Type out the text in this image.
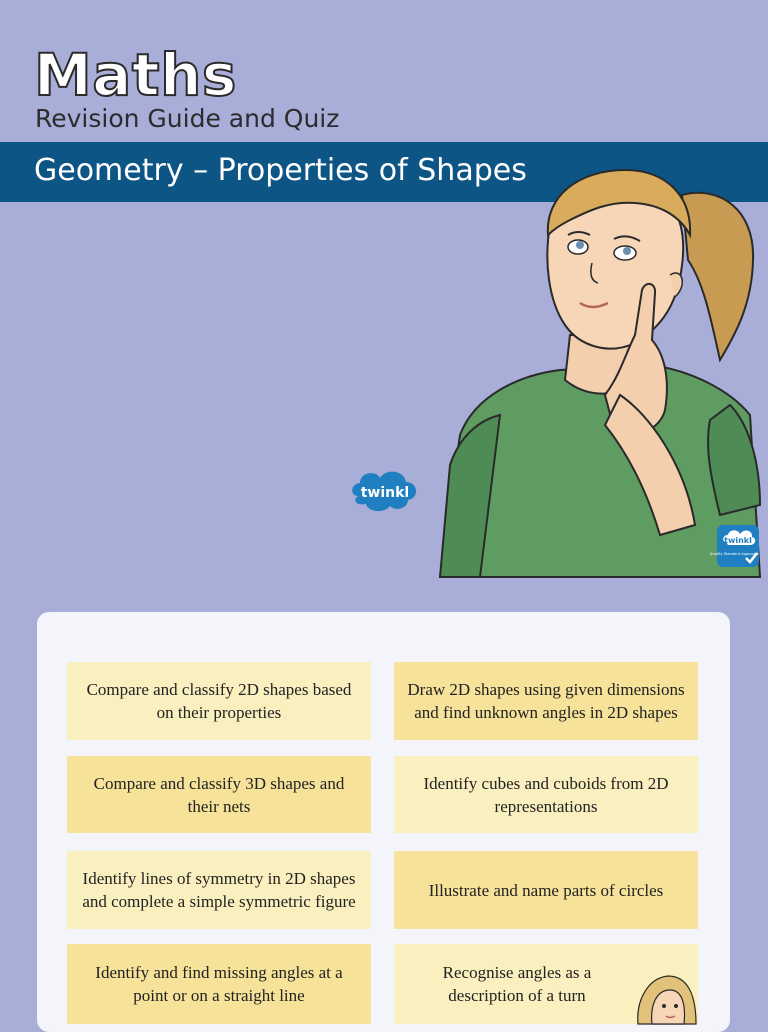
Maths
Revision Guide and Quiz
Geometry – Properties of Shapes
twinkl
twinkl
Quality Standard Approved
Compare and classify 2D shapes based on their properties
Draw 2D shapes using given dimensions and find unknown angles in 2D shapes
Compare and classify 3D shapes and their nets
Identify cubes and cuboids from 2D representations
Identify lines of symmetry in 2D shapes and complete a simple symmetric figure
Illustrate and name parts of circles
Identify and find missing angles at a point or on a straight line
Recognise angles as a description of a turn
